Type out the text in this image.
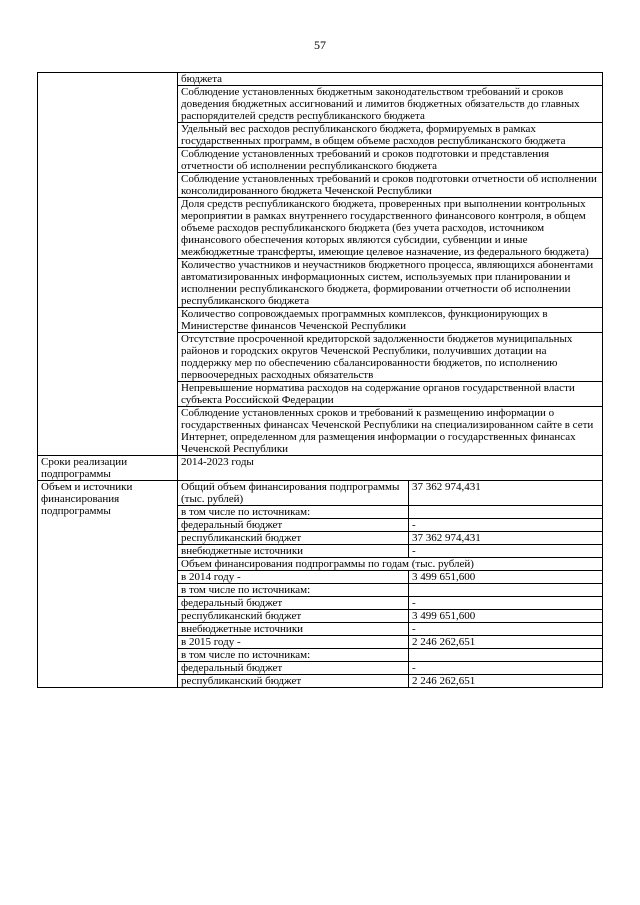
57
	бюджета	
	Соблюдение установленных бюджетным законодательством требований и сроков доведения бюджетных ассигнований и лимитов бюджетных обязательств до главных распорядителей средств республиканского бюджета	
	Удельный вес расходов республиканского бюджета, формируемых в рамках государственных программ, в общем объеме расходов республиканского бюджета	
	Соблюдение установленных требований и сроков подготовки и представления отчетности об исполнении республиканского бюджета	
	Соблюдение установленных требований и сроков подготовки отчетности об исполнении консолидированного бюджета Чеченской Республики	
	Доля средств республиканского бюджета, проверенных при выполнении контрольных мероприятии в рамках внутреннего государственного финансового контроля, в общем объеме расходов республиканского бюджета (без учета расходов, источником финансового обеспечения которых являются субсидии, субвенции и иные межбюджетные трансферты, имеющие целевое назначение, из федерального бюджета)	
	Количество участников и неучастников бюджетного процесса, являющихся абонентами автоматизированных информационных систем, используемых при планировании и исполнении республиканского бюджета, формировании отчетности об исполнении республиканского бюджета	
	Количество сопровождаемых программных комплексов, функционирующих в Министерстве финансов Чеченской Республики	
	Отсутствие просроченной кредиторской задолженности бюджетов муниципальных районов и городских округов Чеченской Республики, получивших дотации на поддержку мер по обеспечению сбалансированности бюджетов, по исполнению первоочередных расходных обязательств	
	Непревышение норматива расходов на содержание органов государственной власти субъекта Российской Федерации	
	Соблюдение установленных сроков и требований к размещению информации о государственных финансах Чеченской Республики на специализированном сайте в сети Интернет, определенном для размещения информации о государственных финансах Чеченской Республики	
Сроки реализации подпрограммы	2014-2023 годы	
Объем и источники финансирования подпрограммы	Общий объем финансирования подпрограммы (тыс. рублей)	37 362 974,431
	в том числе по источникам:	
	федеральный бюджет	-
	республиканский бюджет	37 362 974,431
	внебюджетные источники	-
	Объем финансирования подпрограммы по годам (тыс. рублей)	
	в 2014 году -	3 499 651,600
	в том числе по источникам:	
	федеральный бюджет	-
	республиканский бюджет	3 499 651,600
	внебюджетные источники	-
	в 2015 году -	2 246 262,651
	в том числе по источникам:	
	федеральный бюджет	-
	республиканский бюджет	2 246 262,651
